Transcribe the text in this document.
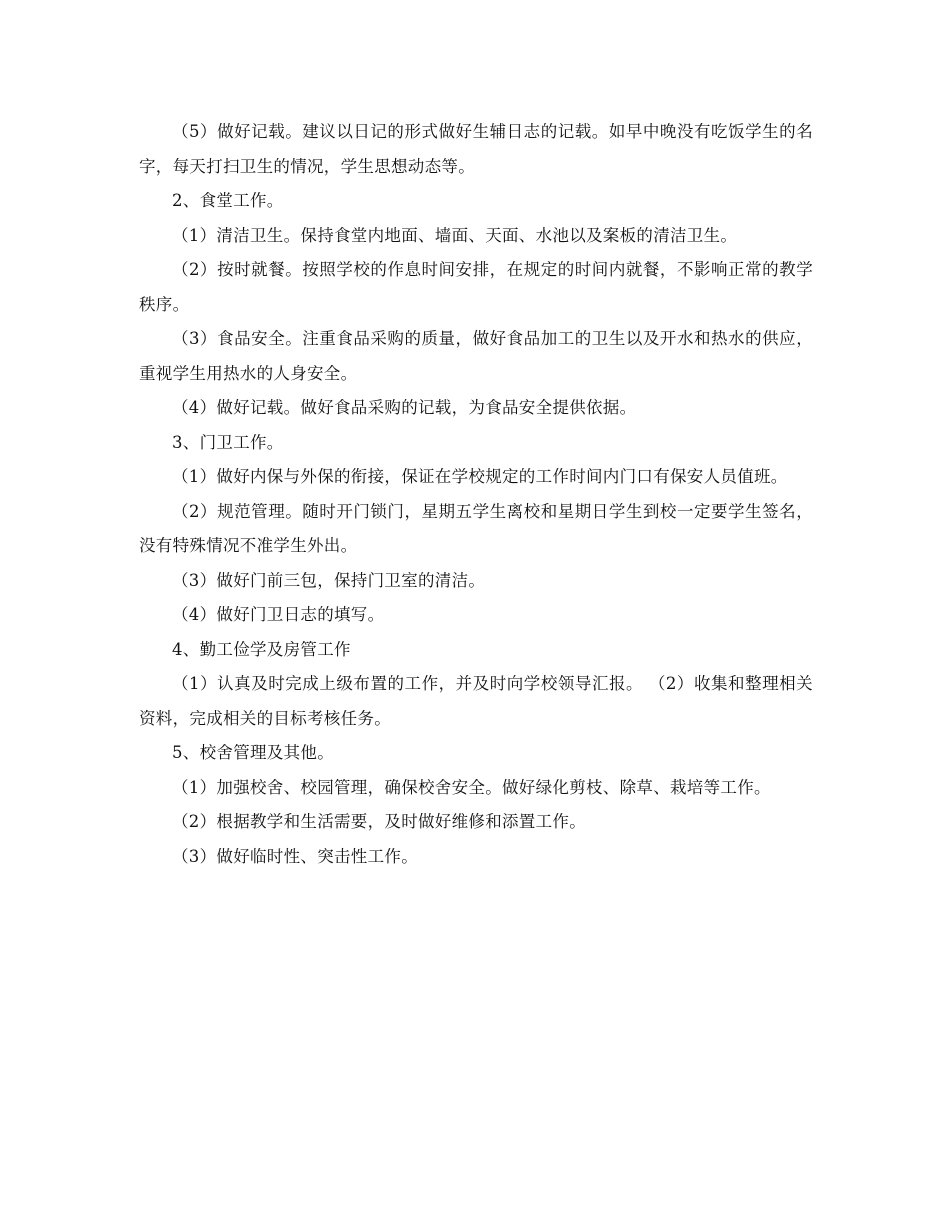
（5）做好记载。建议以日记的形式做好生辅日志的记载。如早中晚没有吃饭学生的名字，每天打扫卫生的情况，学生思想动态等。

2、食堂工作。

（1）清洁卫生。保持食堂内地面、墙面、天面、水池以及案板的清洁卫生。

（2）按时就餐。按照学校的作息时间安排，在规定的时间内就餐，不影响正常的教学秩序。

（3）食品安全。注重食品采购的质量，做好食品加工的卫生以及开水和热水的供应，重视学生用热水的人身安全。

（4）做好记载。做好食品采购的记载，为食品安全提供依据。

3、门卫工作。

（1）做好内保与外保的衔接，保证在学校规定的工作时间内门口有保安人员值班。

（2）规范管理。随时开门锁门，星期五学生离校和星期日学生到校一定要学生签名，没有特殊情况不准学生外出。

（3）做好门前三包，保持门卫室的清洁。

（4）做好门卫日志的填写。

4、勤工俭学及房管工作

（1）认真及时完成上级布置的工作，并及时向学校领导汇报。 （2）收集和整理相关资料，完成相关的目标考核任务。

5、校舍管理及其他。

（1）加强校舍、校园管理，确保校舍安全。做好绿化剪枝、除草、栽培等工作。

（2）根据教学和生活需要，及时做好维修和添置工作。

（3）做好临时性、突击性工作。
